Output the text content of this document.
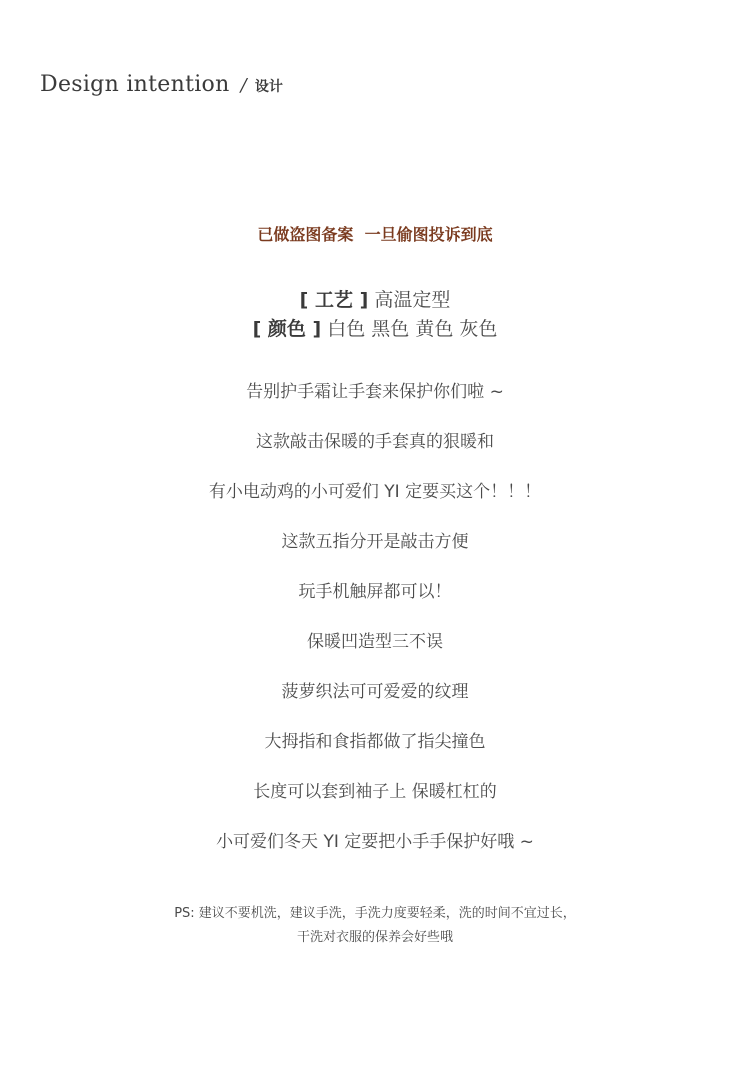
Design intention / 设计
已做盗图备案  一旦偷图投诉到底
[ 工艺 ] 高温定型
[ 颜色 ] 白色 黑色 黄色 灰色
告别护手霜让手套来保护你们啦 ~
这款敲击保暖的手套真的狠暖和
有小电动鸡的小可爱们 YI 定要买这个！！！
这款五指分开是敲击方便
玩手机触屏都可以！
保暖凹造型三不误
菠萝织法可可爱爱的纹理
大拇指和食指都做了指尖撞色
长度可以套到袖子上 保暖杠杠的
小可爱们冬天 YI 定要把小手手保护好哦 ~
PS: 建议不要机洗，建议手洗，手洗力度要轻柔，洗的时间不宜过长，
干洗对衣服的保养会好些哦
